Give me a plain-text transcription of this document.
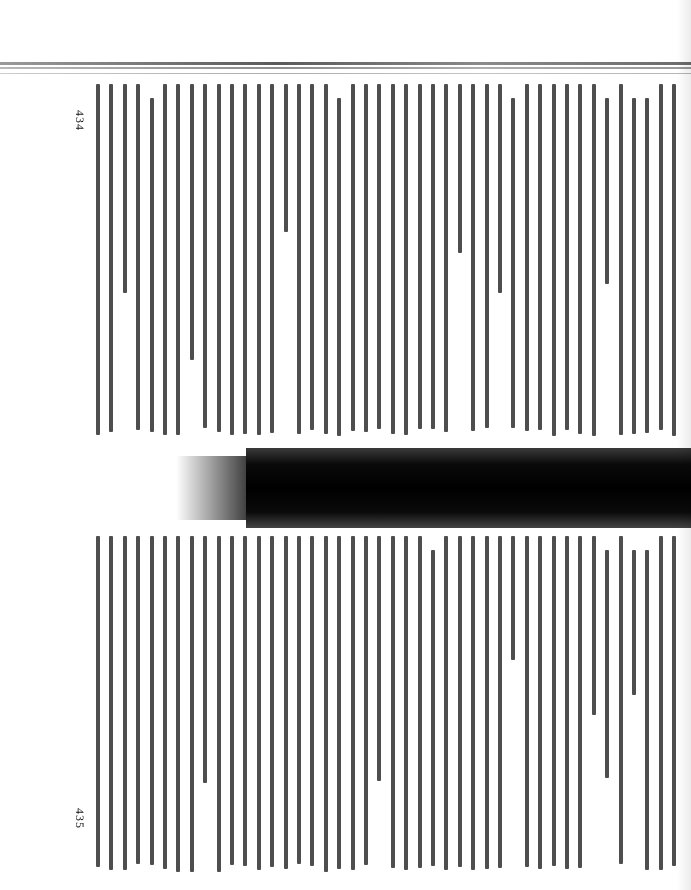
434
435
